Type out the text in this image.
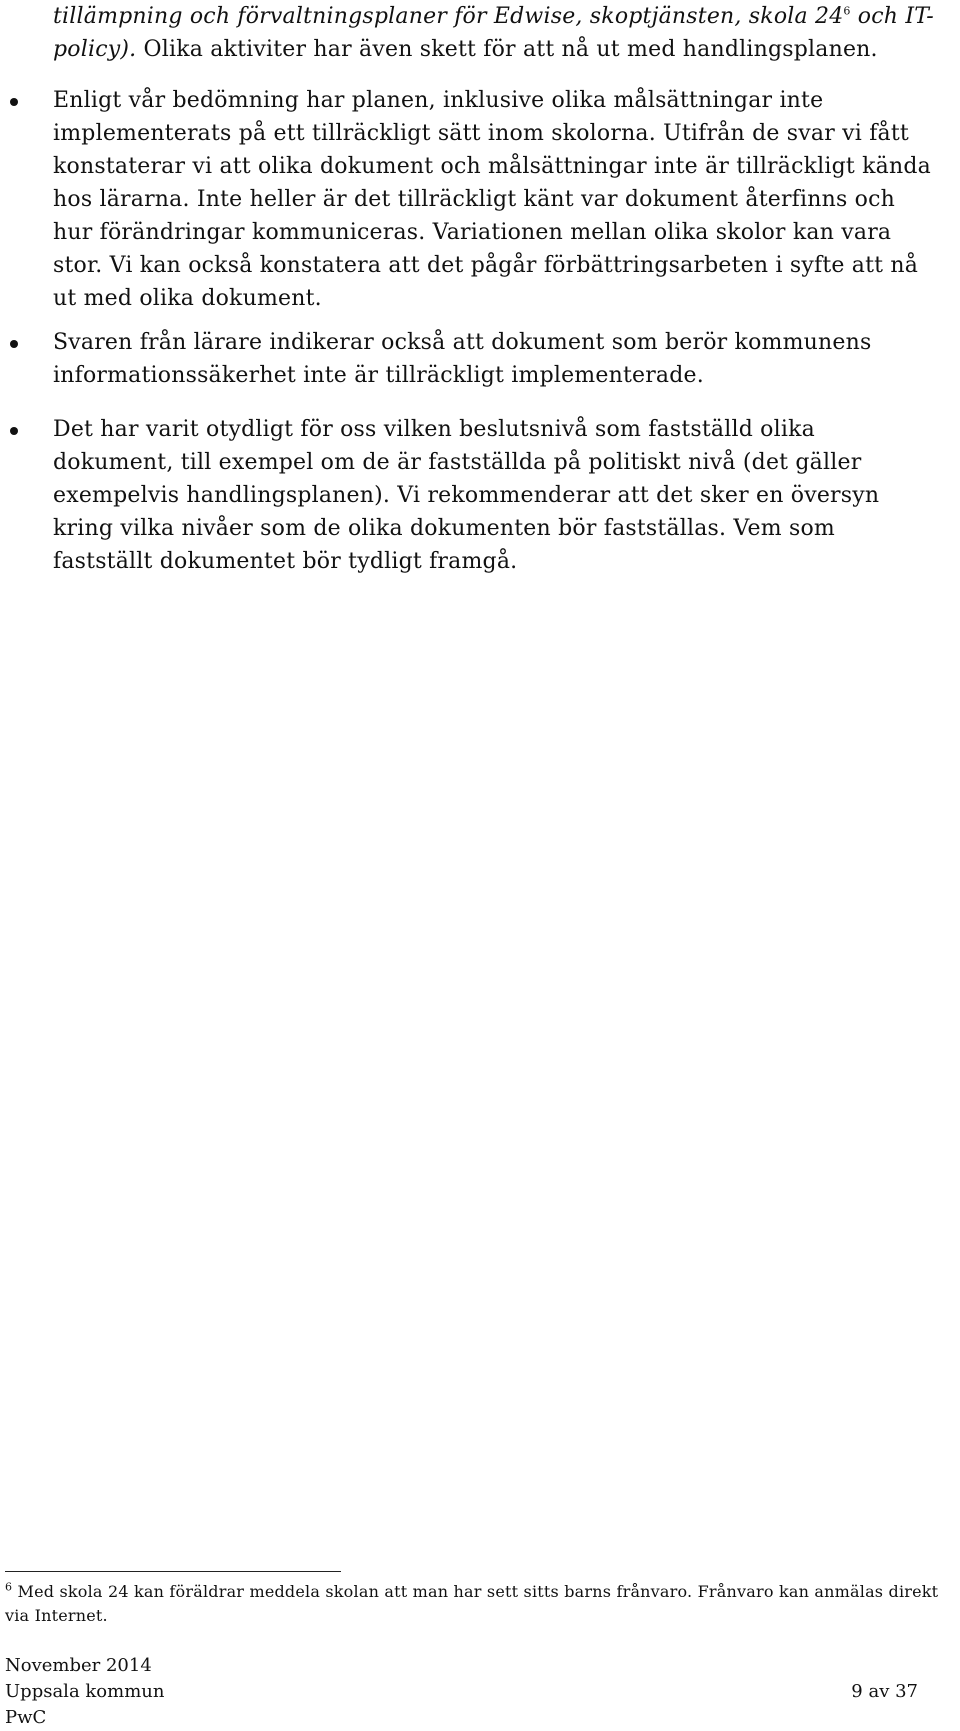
tillämpning och förvaltningsplaner för Edwise, skoptjänsten, skola $24^6$ och IT- policy). Olika aktiviter har även skett för att nå ut med handlingsplanen.
Enligt vår bedömning har planen, inklusive olika målsättningar inte implementerats på ett tillräckligt sätt inom skolorna. Utifrån de svar vi fått konstaterar vi att olika dokument och målsättningar inte är tillräckligt kända hos lärarna. Inte heller är det tillräckligt känt var dokument återfinns och hur förändringar kommuniceras. Variationen mellan olika skolor kan vara stor. Vi kan också konstatera att det pågår förbättringsarbeten i syfte att nå ut med olika dokument.
Svaren från lärare indikerar också att dokument som berör kommunens informationssäkerhet inte är tillräckligt implementerade.
Det har varit otydligt för oss vilken beslutsnivå som fastställd olika dokument, till exempel om de är fastställda på politiskt nivå (det gäller exempelvis handlingsplanen). Vi rekommenderar att det sker en översyn kring vilka nivåer som de olika dokumenten bör fastställas. Vem som fastställt dokumentet bör tydligt framgå.
$^6$ Med skola 24 kan föräldrar meddela skolan att man har sett sitts barns frånvaro. Frånvaro kan anmälas direkt via Internet.
November 2014
Uppsala kommun
PwC
9 av 37
